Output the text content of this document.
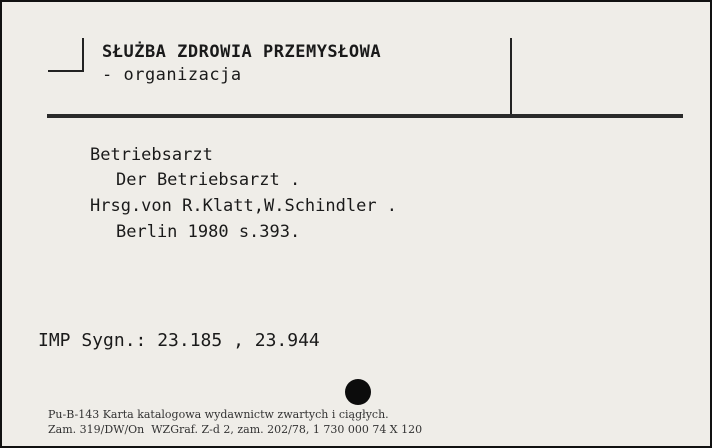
SŁUŻBA ZDROWIA PRZEMYSŁOWA
- organizacja
Betriebsarzt
Der Betriebsarzt .
Hrsg.von R.Klatt,W.Schindler .
Berlin 1980 s.393.
IMP Sygn.: 23.185 , 23.944
Pu-B-143 Karta katalogowa wydawnictw zwartych i ciągłych.
Zam. 319/DW/On  WZGraf. Z-d 2, zam. 202/78, 1 730 000 74 X 120
